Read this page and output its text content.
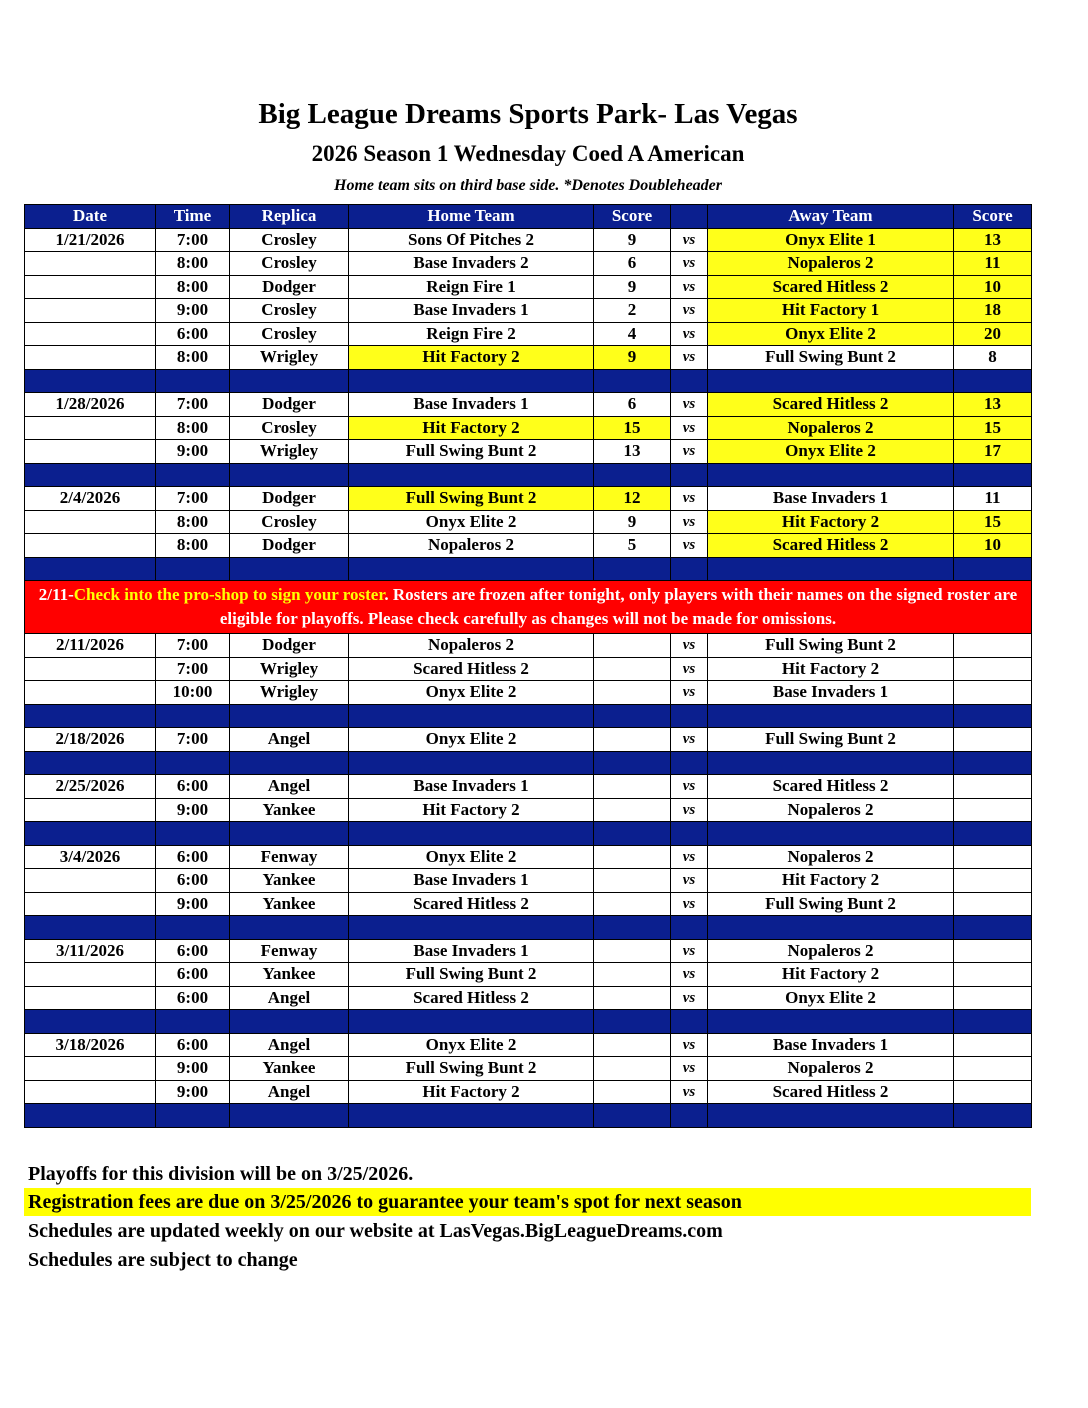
Big League Dreams Sports Park- Las Vegas
2026 Season 1 Wednesday Coed A American
Home team sits on third base side. *Denotes Doubleheader
Date	Time	Replica	Home Team	Score		Away Team	Score
1/21/2026	7:00	Crosley	Sons Of Pitches 2	9	vs	Onyx Elite 1	13
	8:00	Crosley	Base Invaders 2	6	vs	Nopaleros 2	11
	8:00	Dodger	Reign Fire 1	9	vs	Scared Hitless 2	10
	9:00	Crosley	Base Invaders 1	2	vs	Hit Factory 1	18
	6:00	Crosley	Reign Fire 2	4	vs	Onyx Elite 2	20
	8:00	Wrigley	Hit Factory 2	9	vs	Full Swing Bunt 2	8

1/28/2026	7:00	Dodger	Base Invaders 1	6	vs	Scared Hitless 2	13
	8:00	Crosley	Hit Factory 2	15	vs	Nopaleros 2	15
	9:00	Wrigley	Full Swing Bunt 2	13	vs	Onyx Elite 2	17

2/4/2026	7:00	Dodger	Full Swing Bunt 2	12	vs	Base Invaders 1	11
	8:00	Crosley	Onyx Elite 2	9	vs	Hit Factory 2	15
	8:00	Dodger	Nopaleros 2	5	vs	Scared Hitless 2	10

2/11-Check into the pro-shop to sign your roster. Rosters are frozen after tonight, only players with their names on the signed roster are eligible for playoffs. Please check carefully as changes will not be made for omissions.							
2/11/2026	7:00	Dodger	Nopaleros 2		vs	Full Swing Bunt 2	
	7:00	Wrigley	Scared Hitless 2		vs	Hit Factory 2	
	10:00	Wrigley	Onyx Elite 2		vs	Base Invaders 1	

2/18/2026	7:00	Angel	Onyx Elite 2		vs	Full Swing Bunt 2	

2/25/2026	6:00	Angel	Base Invaders 1		vs	Scared Hitless 2	
	9:00	Yankee	Hit Factory 2		vs	Nopaleros 2	

3/4/2026	6:00	Fenway	Onyx Elite 2		vs	Nopaleros 2	
	6:00	Yankee	Base Invaders 1		vs	Hit Factory 2	
	9:00	Yankee	Scared Hitless 2		vs	Full Swing Bunt 2	

3/11/2026	6:00	Fenway	Base Invaders 1		vs	Nopaleros 2	
	6:00	Yankee	Full Swing Bunt 2		vs	Hit Factory 2	
	6:00	Angel	Scared Hitless 2		vs	Onyx Elite 2	

3/18/2026	6:00	Angel	Onyx Elite 2		vs	Base Invaders 1	
	9:00	Yankee	Full Swing Bunt 2		vs	Nopaleros 2	
	9:00	Angel	Hit Factory 2		vs	Scared Hitless 2	

Playoffs for this division will be on 3/25/2026.
Registration fees are due on 3/25/2026 to guarantee your team's spot for next season
Schedules are updated weekly on our website at LasVegas.BigLeagueDreams.com
Schedules are subject to change
